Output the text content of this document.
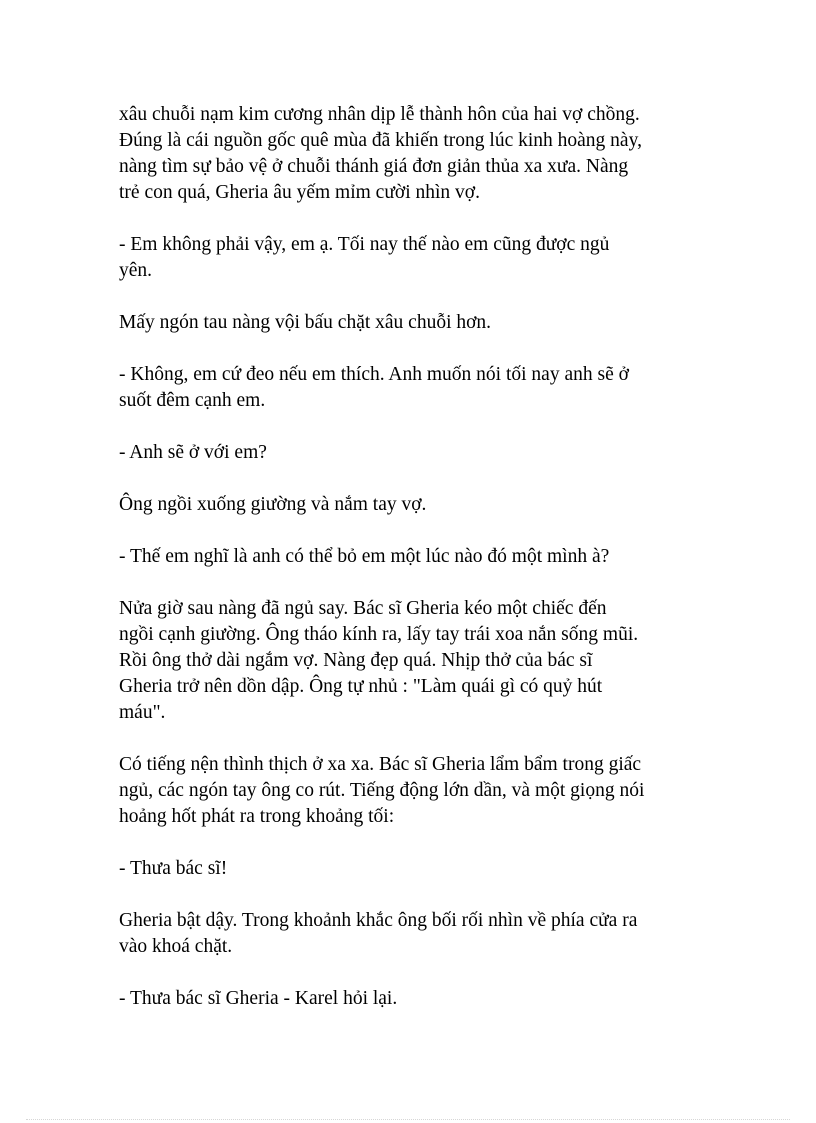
xâu chuỗi nạm kim cương nhân dịp lễ thành hôn của hai vợ chồng.
Đúng là cái nguồn gốc quê mùa đã khiến trong lúc kinh hoàng này,
nàng tìm sự bảo vệ ở chuỗi thánh giá đơn giản thủa xa xưa. Nàng
trẻ con quá, Gheria âu yếm mỉm cười nhìn vợ.

- Em không phải vậy, em ạ. Tối nay thế nào em cũng được ngủ
yên.

Mấy ngón tau nàng vội bấu chặt xâu chuỗi hơn.

- Không, em cứ đeo nếu em thích. Anh muốn nói tối nay anh sẽ ở
suốt đêm cạnh em.

- Anh sẽ ở với em?

Ông ngồi xuống giường và nắm tay vợ.

- Thế em nghĩ là anh có thể bỏ em một lúc nào đó một mình à?

Nửa giờ sau nàng đã ngủ say. Bác sĩ Gheria kéo một chiếc đến
ngồi cạnh giường. Ông tháo kính ra, lấy tay trái xoa nắn sống mũi.
Rồi ông thở dài ngắm vợ. Nàng đẹp quá. Nhịp thở của bác sĩ
Gheria trở nên dồn dập. Ông tự nhủ : "Làm quái gì có quỷ hút
máu".

Có tiếng nện thình thịch ở xa xa. Bác sĩ Gheria lẩm bẩm trong giấc
ngủ, các ngón tay ông co rút. Tiếng động lớn dần, và một giọng nói
hoảng hốt phát ra trong khoảng tối:

- Thưa bác sĩ!

Gheria bật dậy. Trong khoảnh khắc ông bối rối nhìn về phía cửa ra
vào khoá chặt.

- Thưa bác sĩ Gheria - Karel hỏi lại.
